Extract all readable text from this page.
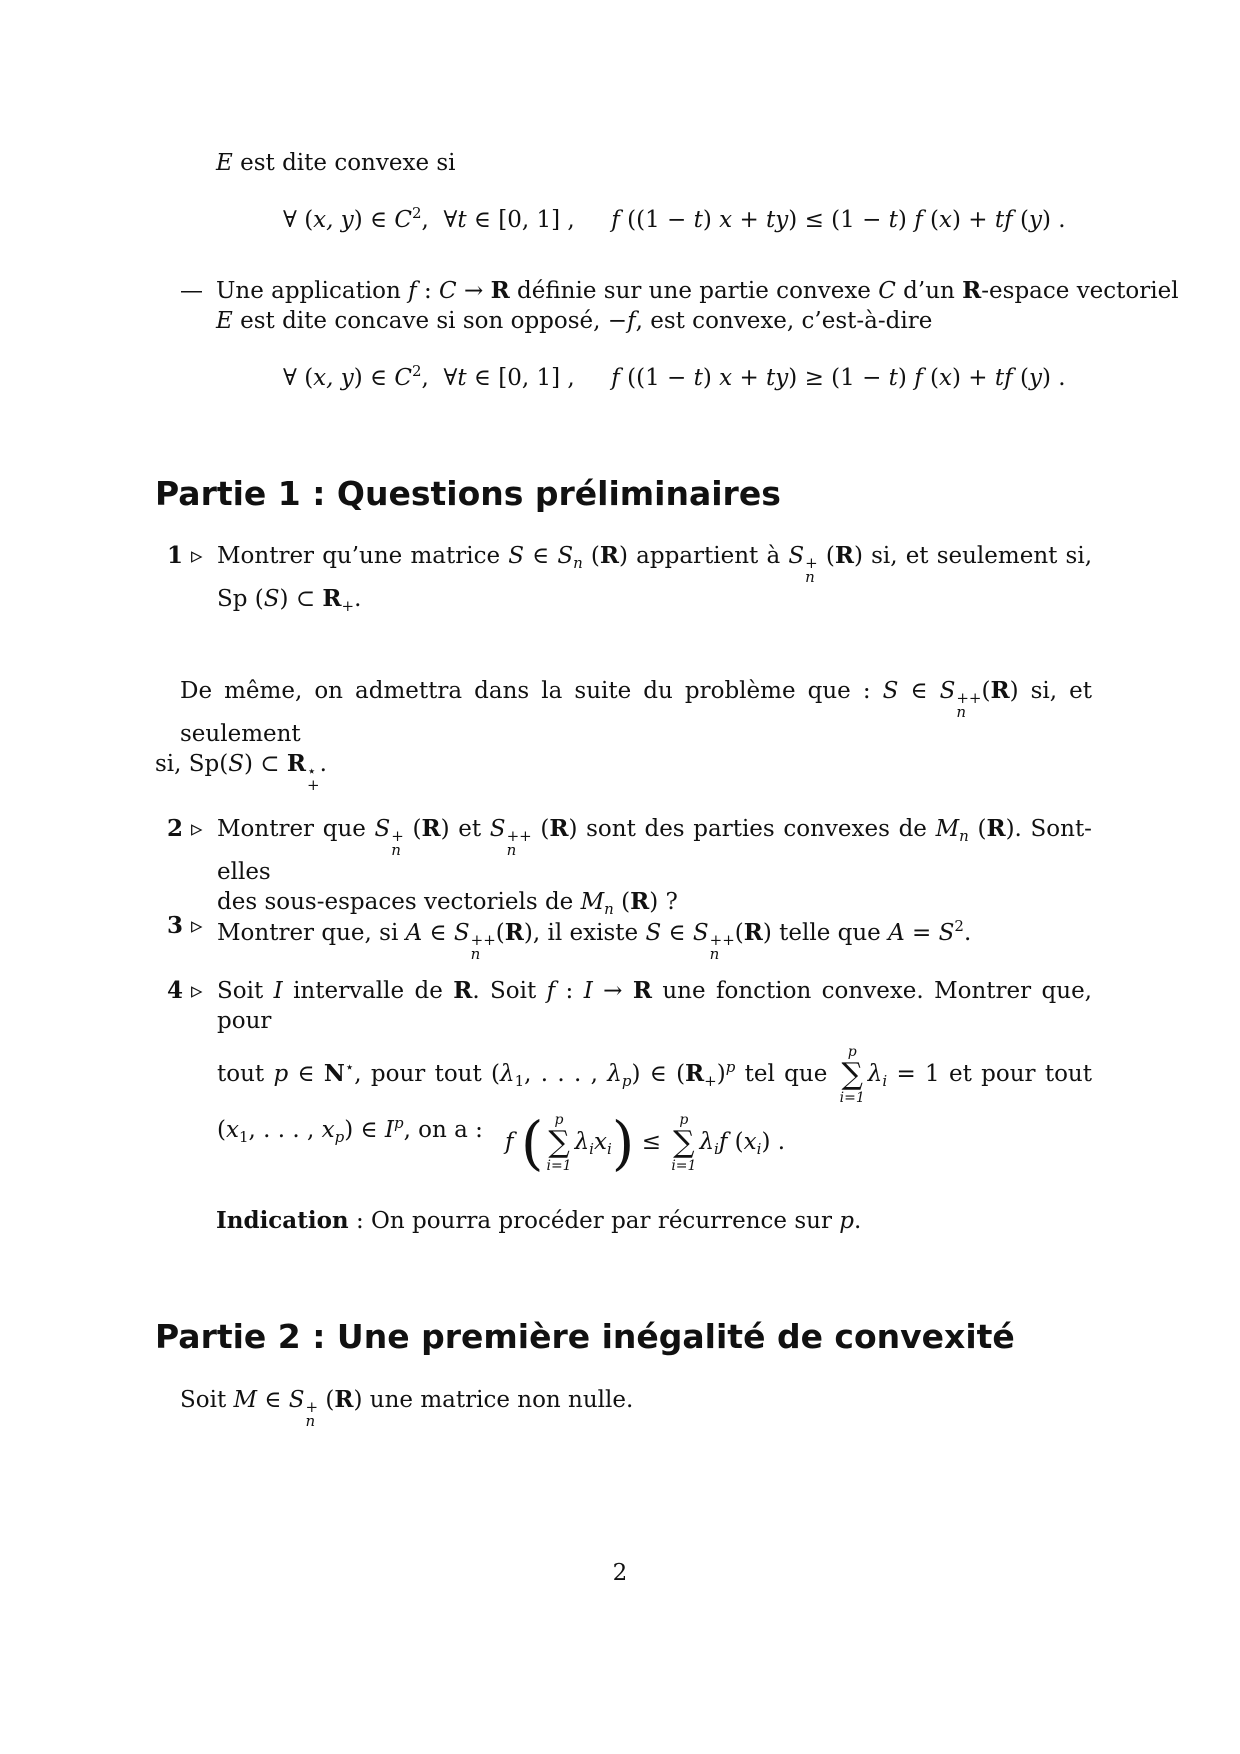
E est dite convexe si
∀ (x, y) ∈ $C^2$,  ∀t ∈ [0, 1] ,     f ((1 − t) x + ty) ≤ (1 − t) f (x) + tf (y) .
— Une application f : C → R définie sur une partie convexe C d’un R-espace vectoriel
E est dite concave si son opposé, −f, est convexe, c’est-à-dire
∀ (x, y) ∈ $C^2$,  ∀t ∈ [0, 1] ,     f ((1 − t) x + ty) ≥ (1 − t) f (x) + tf (y) .
Partie 1 : Questions préliminaires
1 ▹ Montrer qu’une matrice S ∈ $S_n$ (R) appartient à S +
n
(R) si, et seulement si,
Sp (S) ⊂ $R_+$.
De même, on admettra dans la suite du problème que : S ∈ S ++
n
(R) si, et seulement
si, Sp(S) ⊂ R ⋆
+
.
2 ▹ Montrer que S +
n
(R) et S ++
n
(R) sont des parties convexes de $M_n$ (R). Sont-elles
des sous-espaces vectoriels de $M_n$ (R) ?
3 ▹ Montrer que, si A ∈ S ++
n
(R), il existe S ∈ S ++
n
(R) telle que $A = S^2$.
4 ▹ Soit I intervalle de R. Soit f : I → R une fonction convexe. Montrer que, pour
tout p ∈ N⋆, pour tout ($\lambda_1$, . . . , $\lambda_p$) ∈ $(R_+)^p$ tel que
p
∑
i=1
$\lambda_i = 1$ et pour tout
($x_1$, . . . , $x_p$) ∈ $I^p$, on a : f ( p
∑
i=1
$\lambda_ix_i$) ≤
p
∑
i=1
$\lambda_if$ $(x_i)$ .
Indication : On pourra procéder par récurrence sur p.
Partie 2 : Une première inégalité de convexité
Soit M ∈ S +
n
(R) une matrice non nulle.
2
